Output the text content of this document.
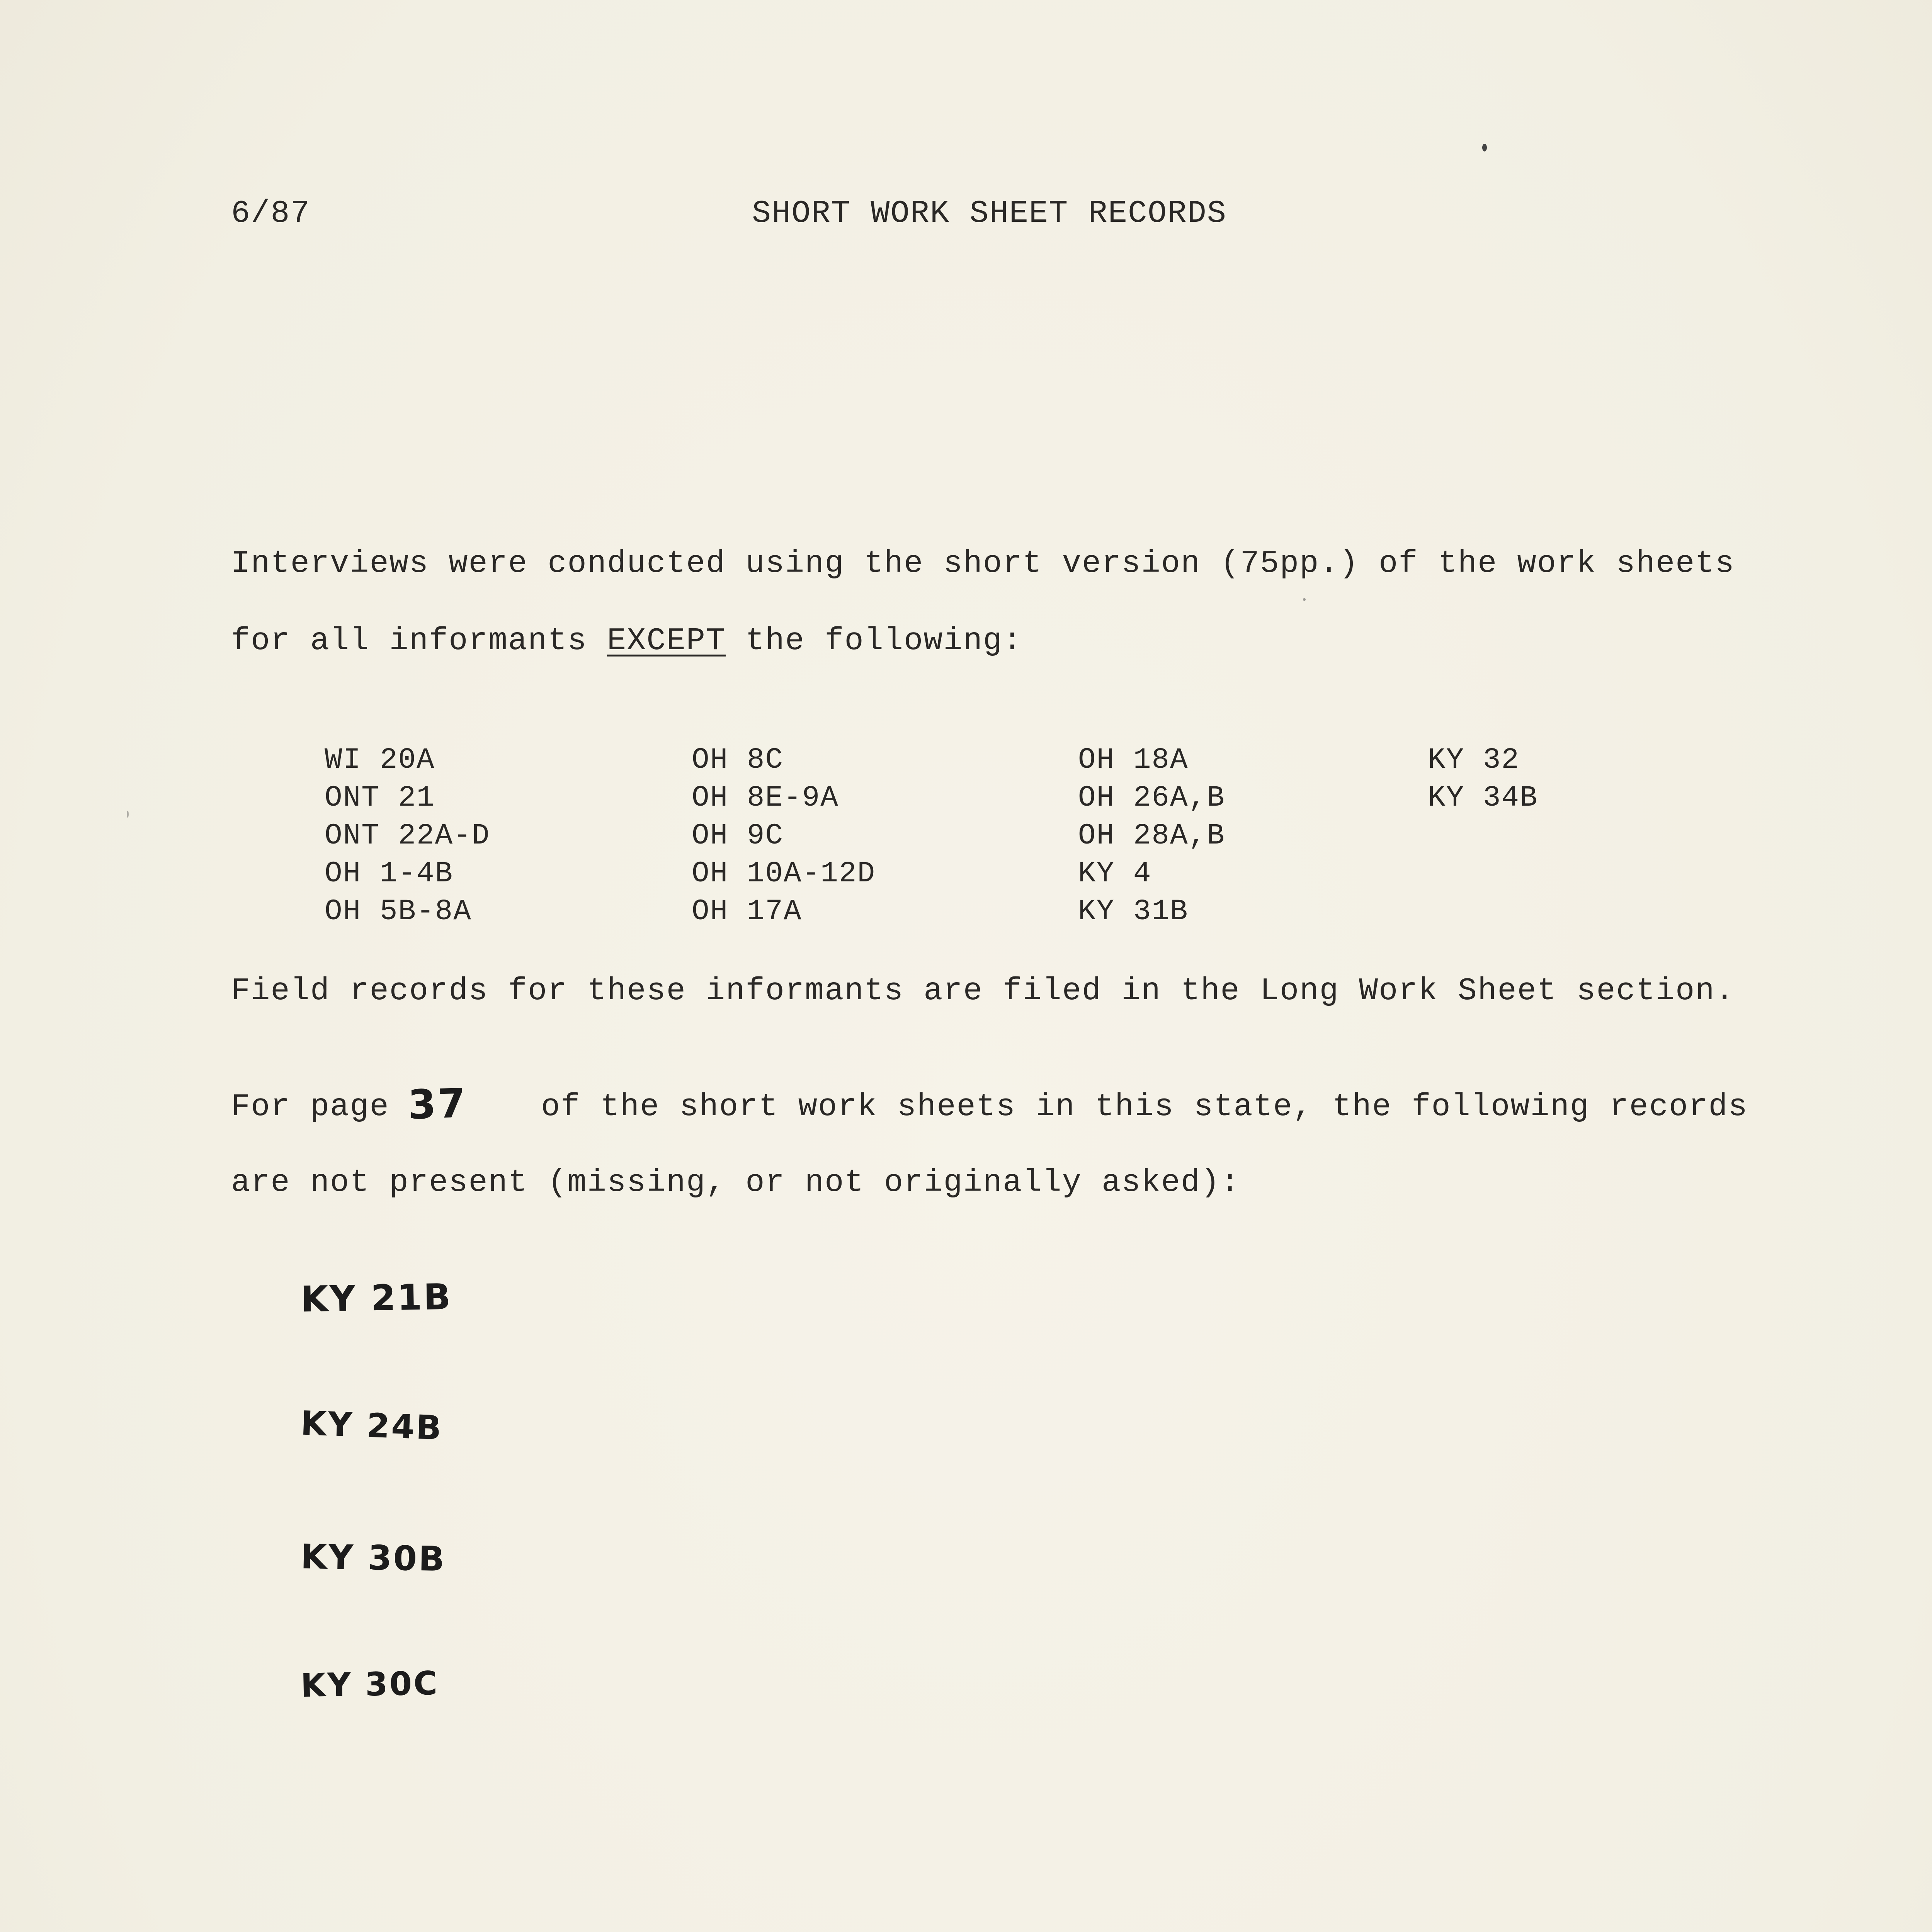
6/87	SHORT WORK SHEET RECORDS
Interviews were conducted using the short version (75pp.) of the work sheets
for all informants EXCEPT the following:
WI 20A
ONT 21
ONT 22A-D
OH 1-4B
OH 5B-8A
OH 8C
OH 8E-9A
OH 9C
OH 10A-12D
OH 17A
OH 18A
OH 26A,B
OH 28A,B
KY 4
KY 31B
KY 32
KY 34B
Field records for these informants are filed in the Long Work Sheet section.
For page	of the short work sheets in this state, the following records
37
are not present (missing, or not originally asked):
KY 21B
KY 24B
KY 30B
KY 30C
